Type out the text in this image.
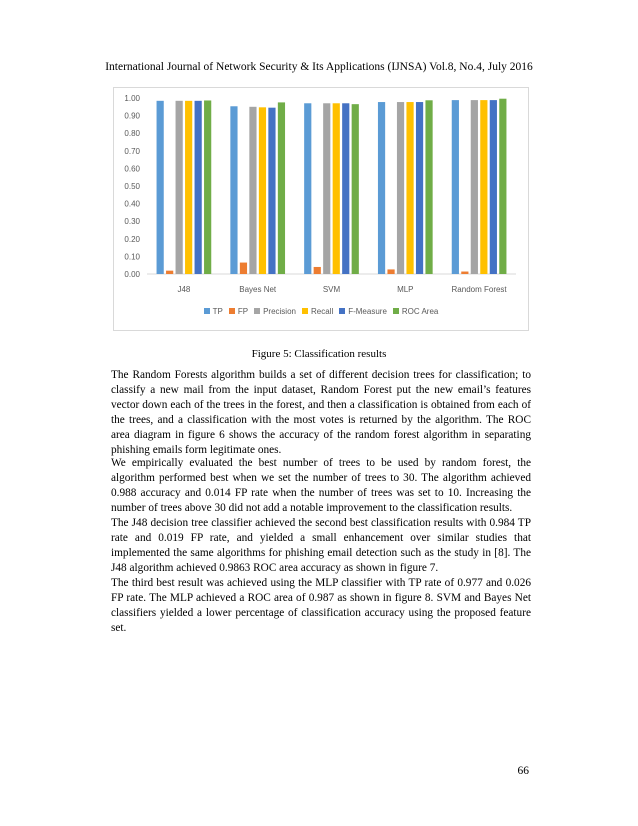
International Journal of Network Security & Its Applications (IJNSA) Vol.8, No.4, July 2016
0.00
0.10
0.20
0.30
0.40
0.50
0.60
0.70
0.80
0.90
1.00
J48	Bayes Net	SVM	MLP	Random Forest
TP FP Precision Recall F-Measure ROC Area
Figure 5: Classification results

The Random Forests algorithm builds a set of different decision trees for classification; to classify a new mail from the input dataset, Random Forest put the new email’s features vector down each of the trees in the forest, and then a classification is obtained from each of the trees, and a classification with the most votes is returned by the algorithm. The ROC area diagram in figure 6 shows the accuracy of the random forest algorithm in separating phishing emails form legitimate ones.

We empirically evaluated the best number of trees to be used by random forest, the algorithm performed best when we set the number of trees to 30. The algorithm achieved 0.988 accuracy and 0.014 FP rate when the number of trees was set to 10. Increasing the number of trees above 30 did not add a notable improvement to the classification results.

The J48 decision tree classifier achieved the second best classification results with 0.984 TP rate and 0.019 FP rate, and yielded a small enhancement over similar studies that implemented the same algorithms for phishing email detection such as the study in [8]. The J48 algorithm achieved 0.9863 ROC area accuracy as shown in figure 7.

The third best result was achieved using the MLP classifier with TP rate of 0.977 and 0.026 FP rate. The MLP achieved a ROC area of 0.987 as shown in figure 8. SVM and Bayes Net classifiers yielded a lower percentage of classification accuracy using the proposed feature set.

66
